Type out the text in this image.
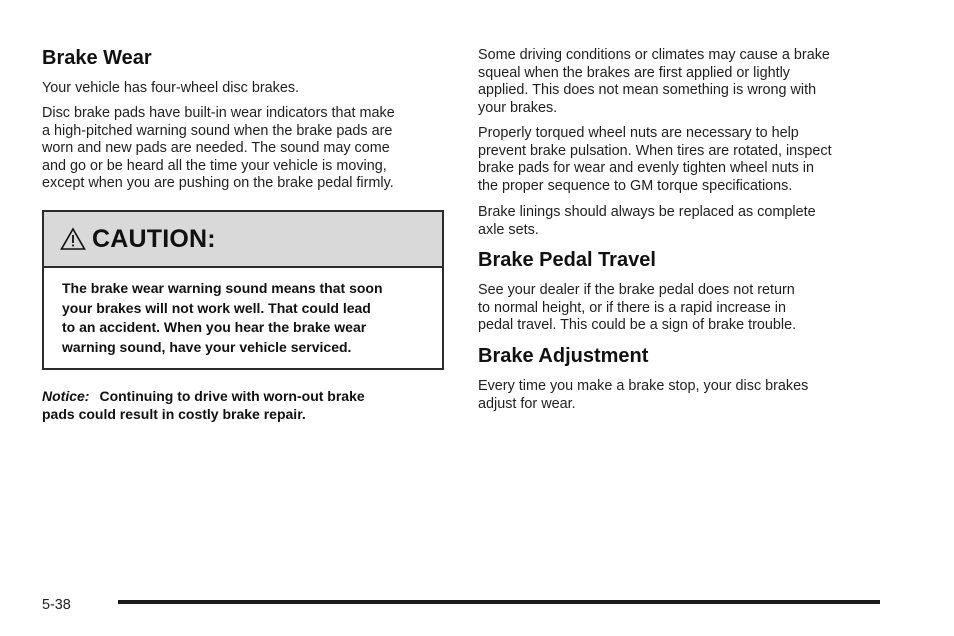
Brake Wear

Your vehicle has four-wheel disc brakes.

Disc brake pads have built-in wear indicators that make

a high-pitched warning sound when the brake pads are

worn and new pads are needed. The sound may come

and go or be heard all the time your vehicle is moving,

except when you are pushing on the brake pedal firmly.

CAUTION:
The brake wear warning sound means that soon
your brakes will not work well. That could lead
to an accident. When you hear the brake wear
warning sound, have your vehicle serviced.
Notice: Continuing to drive with worn-out brake
pads could result in costly brake repair.

Some driving conditions or climates may cause a brake

squeal when the brakes are first applied or lightly

applied. This does not mean something is wrong with

your brakes.

Properly torqued wheel nuts are necessary to help

prevent brake pulsation. When tires are rotated, inspect

brake pads for wear and evenly tighten wheel nuts in

the proper sequence to GM torque specifications.

Brake linings should always be replaced as complete

axle sets.

Brake Pedal Travel

See your dealer if the brake pedal does not return

to normal height, or if there is a rapid increase in

pedal travel. This could be a sign of brake trouble.

Brake Adjustment

Every time you make a brake stop, your disc brakes

adjust for wear.

5-38
